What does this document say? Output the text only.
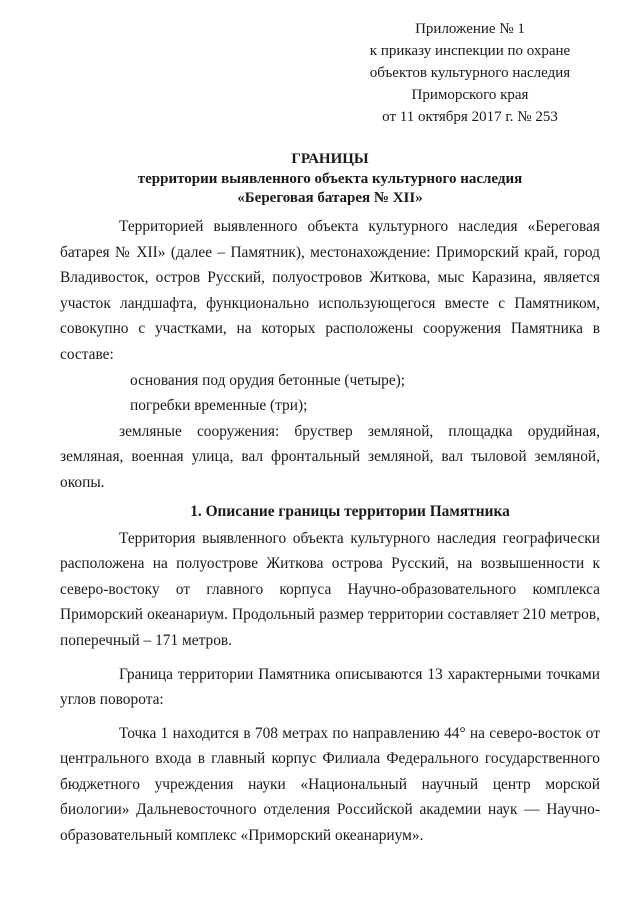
Приложение № 1
к приказу инспекции по охране
объектов культурного наследия
Приморского края
от 11 октября 2017 г. № 253
ГРАНИЦЫ
территории выявленного объекта культурного наследия
«Береговая батарея № XII»

Территорией выявленного объекта культурного наследия «Береговая батарея № XII» (далее – Памятник), местонахождение: Приморский край, город Владивосток, остров Русский, полуостровов Житкова, мыс Каразина, является участок ландшафта, функционально использующегося вместе с Памятником, совокупно с участками, на которых расположены сооружения Памятника в составе:

основания под орудия бетонные (четыре);

погребки временные (три);

земляные сооружения: бруствер земляной, площадка орудийная, земляная, военная улица, вал фронтальный земляной, вал тыловой земляной, окопы.

1. Описание границы территории Памятника

Территория выявленного объекта культурного наследия географически расположена на полуострове Житкова острова Русский, на возвышенности к северо-востоку от главного корпуса Научно-образовательного комплекса Приморский океанариум. Продольный размер территории составляет 210 метров, поперечный – 171 метров.

Граница территории Памятника описываются 13 характерными точками углов поворота:

Точка 1 находится в 708 метрах по направлению 44° на северо-восток от центрального входа в главный корпус Филиала Федерального государственного бюджетного учреждения науки «Национальный научный центр морской биологии» Дальневосточного отделения Российской академии наук — Научно-образовательный комплекс «Приморский океанариум».
